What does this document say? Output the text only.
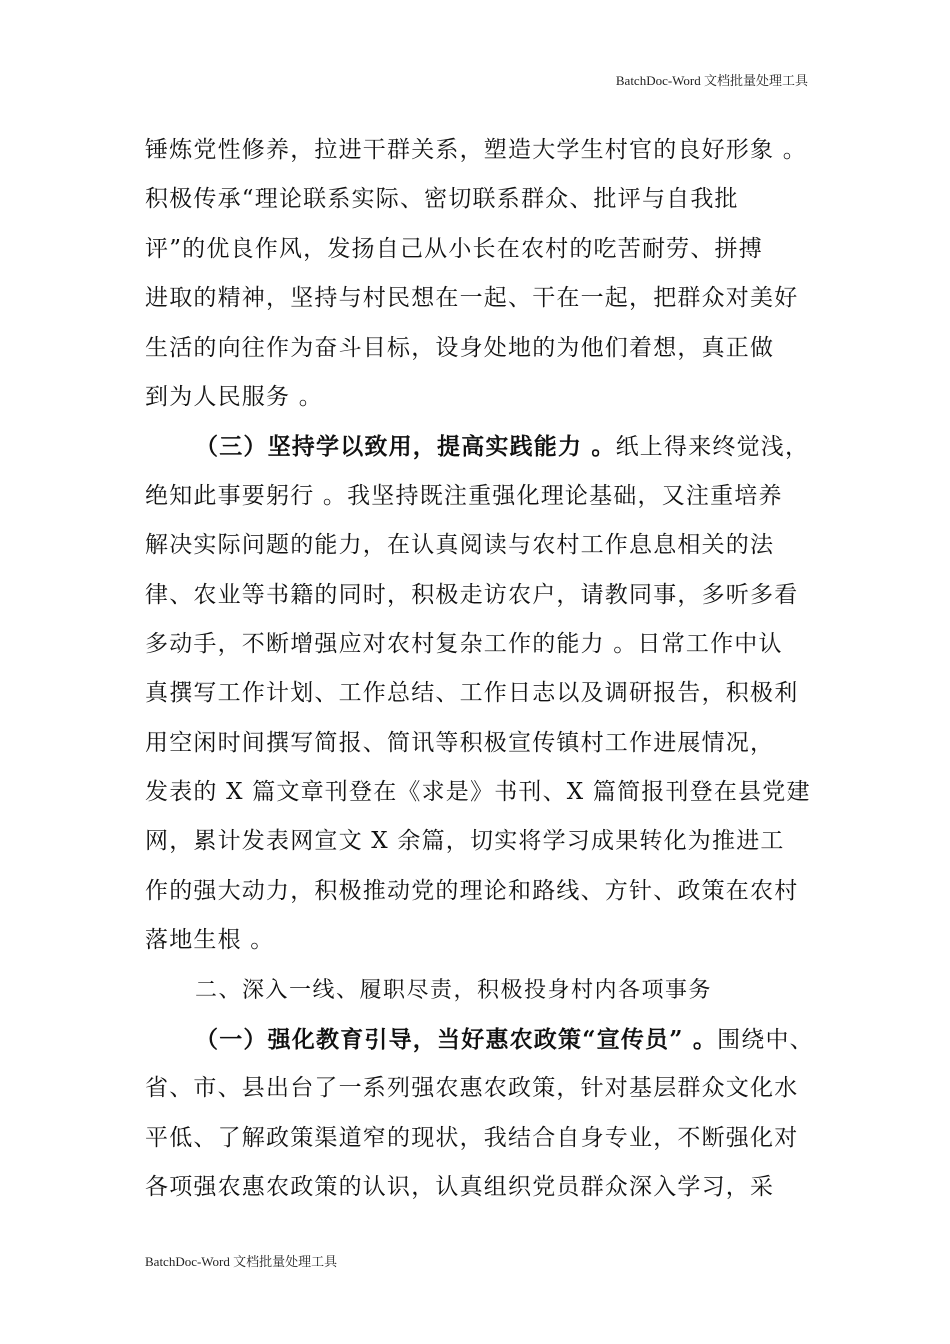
BatchDoc-Word 文档批量处理工具
锤炼党性修养，拉进干群关系，塑造大学生村官的良好形象 。
积极传承“理论联系实际、密切联系群众、批评与自我批
评”的优良作风，发扬自己从小长在农村的吃苦耐劳、拼搏
进取的精神，坚持与村民想在一起、干在一起，把群众对美好
生活的向往作为奋斗目标，设身处地的为他们着想，真正做
到为人民服务 。
（三）坚持学以致用，提高实践能力 。纸上得来终觉浅，
绝知此事要躬行 。我坚持既注重强化理论基础，又注重培养
解决实际问题的能力，在认真阅读与农村工作息息相关的法
律、农业等书籍的同时，积极走访农户，请教同事，多听多看
多动手，不断增强应对农村复杂工作的能力 。日常工作中认
真撰写工作计划、工作总结、工作日志以及调研报告，积极利
用空闲时间撰写简报、简讯等积极宣传镇村工作进展情况，
发表的 X 篇文章刊登在《求是》书刊、X 篇简报刊登在县党建
网，累计发表网宣文 X 余篇，切实将学习成果转化为推进工
作的强大动力，积极推动党的理论和路线、方针、政策在农村
落地生根 。
二、深入一线、履职尽责，积极投身村内各项事务
（一）强化教育引导，当好惠农政策“宣传员” 。围绕中、
省、市、县出台了一系列强农惠农政策，针对基层群众文化水
平低、了解政策渠道窄的现状，我结合自身专业，不断强化对
各项强农惠农政策的认识，认真组织党员群众深入学习，采
BatchDoc-Word 文档批量处理工具
